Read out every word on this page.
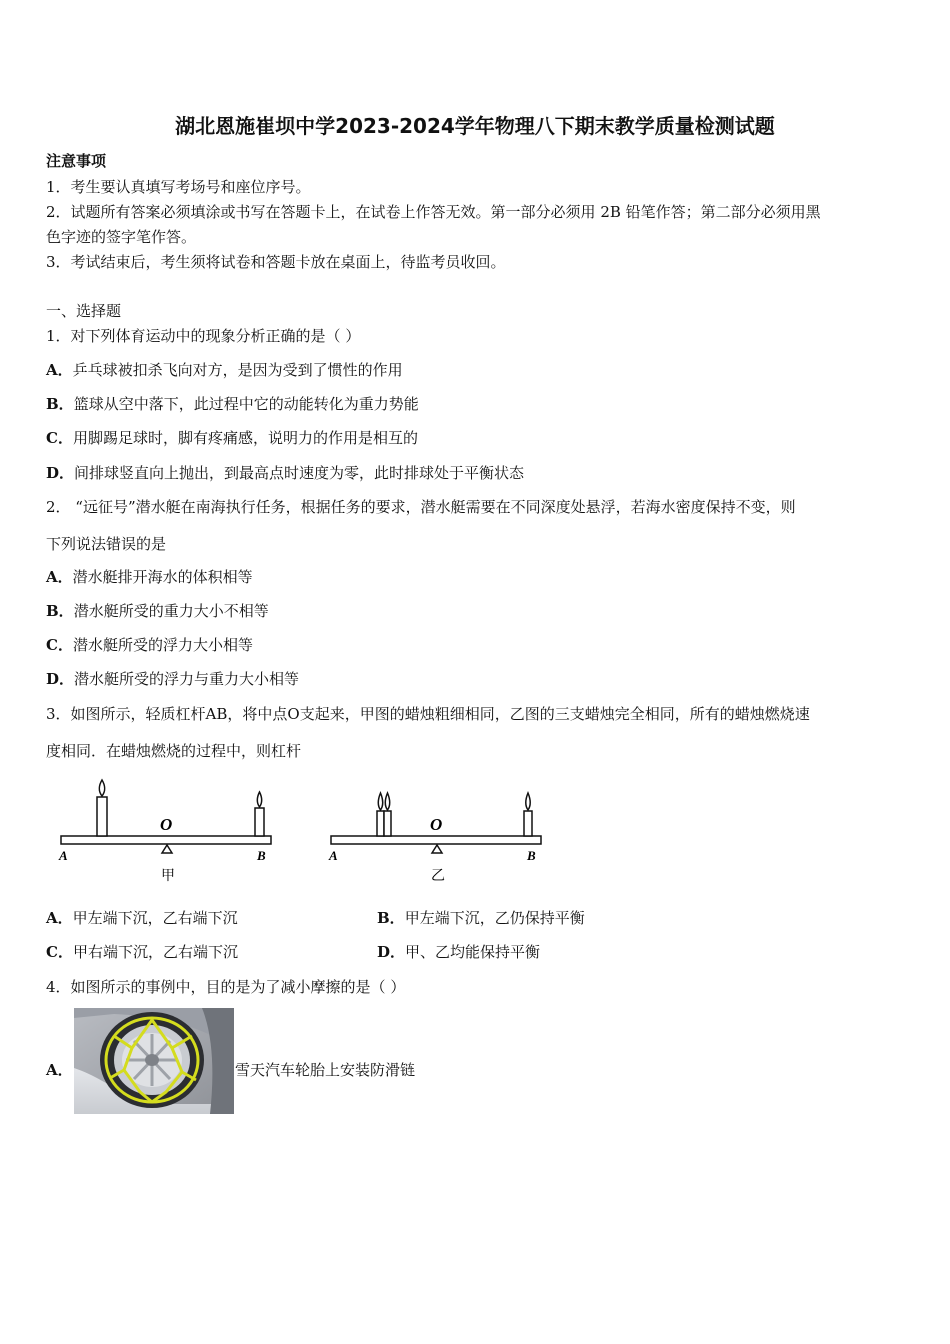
湖北恩施崔坝中学2023-2024学年物理八下期末教学质量检测试题
注意事项
1．考生要认真填写考场号和座位序号。
2．试题所有答案必须填涂或书写在答题卡上，在试卷上作答无效。第一部分必须用 2B 铅笔作答；第二部分必须用黑
色字迹的签字笔作答。
3．考试结束后，考生须将试卷和答题卡放在桌面上，待监考员收回。
一、选择题
1．对下列体育运动中的现象分析正确的是（ ）
A．乒乓球被扣杀飞向对方，是因为受到了惯性的作用
B．篮球从空中落下，此过程中它的动能转化为重力势能
C．用脚踢足球时，脚有疼痛感，说明力的作用是相互的
D．间排球竖直向上抛出，到最高点时速度为零，此时排球处于平衡状态
2． “远征号”潜水艇在南海执行任务，根据任务的要求，潜水艇需要在不同深度处悬浮，若海水密度保持不变，则
下列说法错误的是
A．潜水艇排开海水的体积相等
B．潜水艇所受的重力大小不相等
C．潜水艇所受的浮力大小相等
D．潜水艇所受的浮力与重力大小相等
3．如图所示，轻质杠杆AB，将中点O支起来，甲图的蜡烛粗细相同，乙图的三支蜡烛完全相同，所有的蜡烛燃烧速
度相同．在蜡烛燃烧的过程中，则杠杆
O
A	B
甲
O
A	B
乙
A．甲左端下沉，乙右端下沉	B．甲左端下沉，乙仍保持平衡
C．甲右端下沉，乙右端下沉	D．甲、乙均能保持平衡
4．如图所示的事例中，目的是为了减小摩擦的是（ ）
A．	雪天汽车轮胎上安装防滑链
